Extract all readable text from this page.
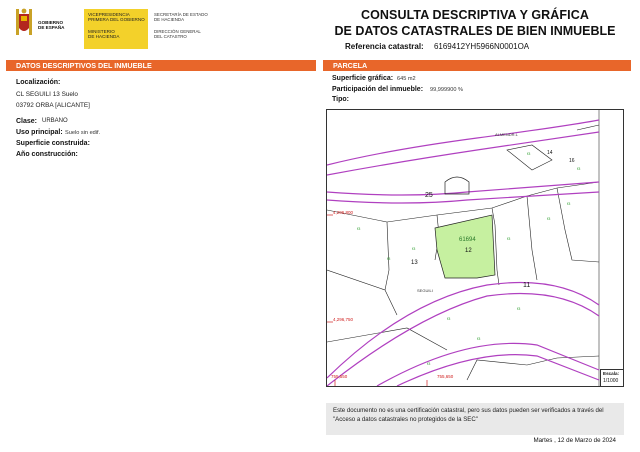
GOBIERNO
DE ESPAÑA
VICEPRESIDENCIA
PRIMERA DEL GOBIERNO
MINISTERIO
DE HACIENDA
SECRETARÍA DE ESTADO
DE HACIENDA
DIRECCIÓN GENERAL
DEL CATASTRO
CONSULTA DESCRIPTIVA Y GRÁFICA
DE DATOS CATASTRALES DE BIEN INMUEBLE
Referencia catastral: 6169412YH5966N0001OA
DATOS DESCRIPTIVOS DEL INMUEBLE
Localización:
CL SEGUILI 13 Suelo
03792 ORBA [ALICANTE]
Clase: URBANO
Uso principal: Suelo sin edif.
Superficie construida:
Año construcción:
PARCELA
Superficie gráfica: 645 m2
Participación del inmueble: 99,999900 %
Tipo:
f3
f3
f3
f3
f3
f3
f3
f3
f3
f3
f3
f3
25
61694
12
13
11
14
16
ALMENDR.L
SEGUILI
4,296,800
4,296,750
755,550	755,650
Escala:
1/1000
Este documento no es una certificación catastral, pero sus datos pueden ser verificados a través del "Acceso a datos catastrales no protegidos de la SEC"
Martes , 12 de Marzo de 2024
